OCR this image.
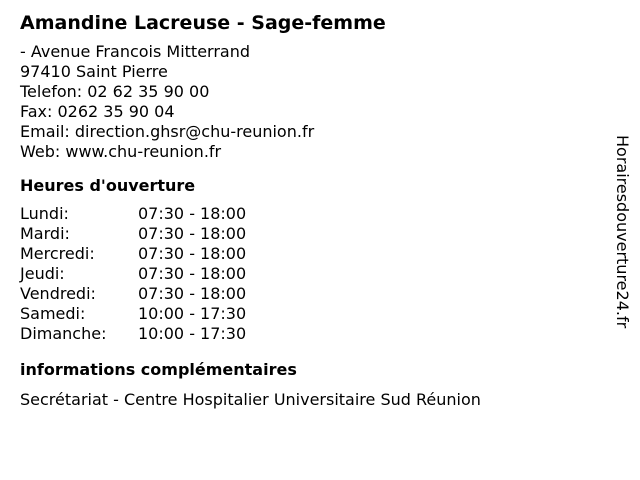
Amandine Lacreuse - Sage-femme
- Avenue Francois Mitterrand
97410 Saint Pierre
Telefon: 02 62 35 90 00
Fax: 0262 35 90 04
Email: direction.ghsr@chu-reunion.fr
Web: www.chu-reunion.fr
Heures d'ouverture
Lundi:	07:30 - 18:00
Mardi:	07:30 - 18:00
Mercredi:	07:30 - 18:00
Jeudi:	07:30 - 18:00
Vendredi:	07:30 - 18:00
Samedi:	10:00 - 17:30
Dimanche:	10:00 - 17:30
informations complémentaires
Secrétariat - Centre Hospitalier Universitaire Sud Réunion
Horairesdouverture24.fr
